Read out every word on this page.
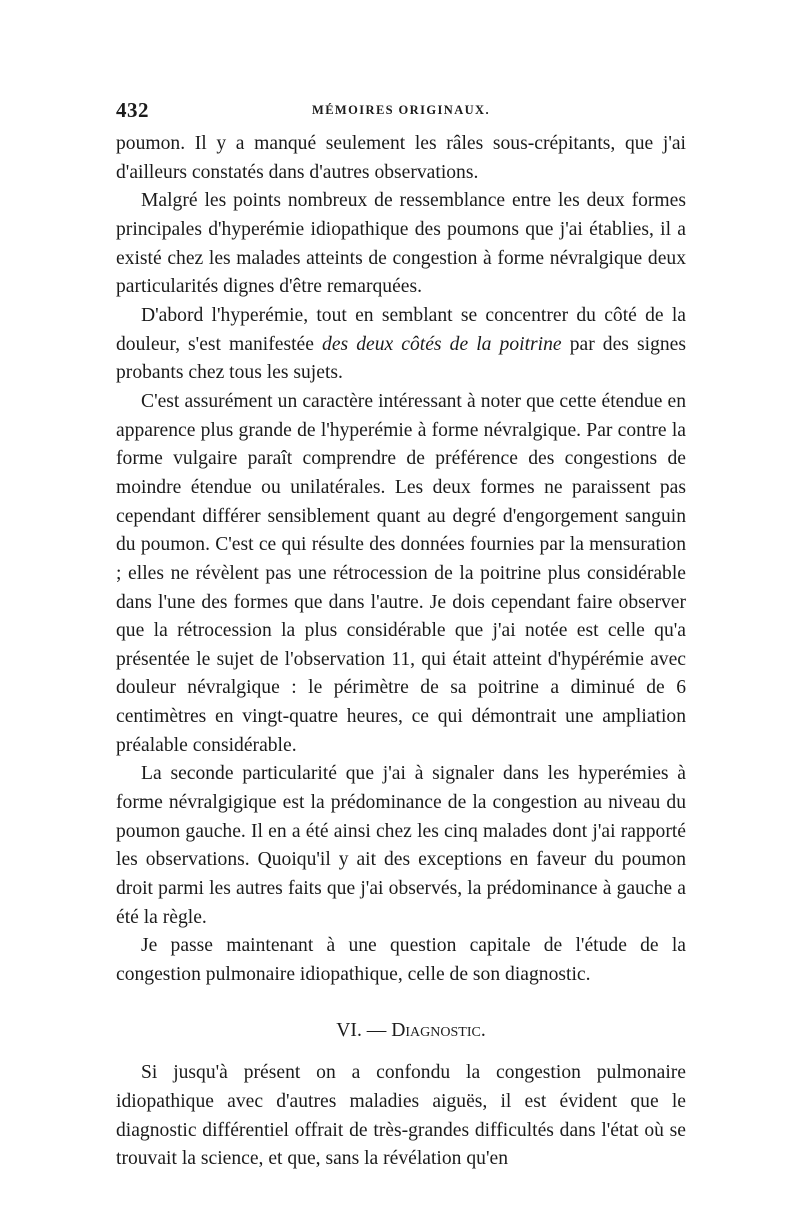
432	MÉMOIRES ORIGINAUX.

poumon. Il y a manqué seulement les râles sous-crépitants, que j'ai d'ailleurs constatés dans d'autres observations.

Malgré les points nombreux de ressemblance entre les deux formes principales d'hyperémie idiopathique des poumons que j'ai établies, il a existé chez les malades atteints de congestion à forme névralgique deux particularités dignes d'être remarquées.

D'abord l'hyperémie, tout en semblant se concentrer du côté de la douleur, s'est manifestée des deux côtés de la poitrine par des signes probants chez tous les sujets.

C'est assurément un caractère intéressant à noter que cette étendue en apparence plus grande de l'hyperémie à forme névralgique. Par contre la forme vulgaire paraît comprendre de préférence des congestions de moindre étendue ou unilatérales. Les deux formes ne paraissent pas cependant différer sensiblement quant au degré d'engorgement sanguin du poumon. C'est ce qui résulte des données fournies par la mensuration ; elles ne révèlent pas une rétrocession de la poitrine plus considérable dans l'une des formes que dans l'autre. Je dois cependant faire observer que la rétrocession la plus considérable que j'ai notée est celle qu'a présentée le sujet de l'observation 11, qui était atteint d'hypérémie avec douleur névralgique : le périmètre de sa poitrine a diminué de 6 centimètres en vingt-quatre heures, ce qui démontrait une ampliation préalable considérable.

La seconde particularité que j'ai à signaler dans les hyperémies à forme névralgigique est la prédominance de la congestion au niveau du poumon gauche. Il en a été ainsi chez les cinq malades dont j'ai rapporté les observations. Quoiqu'il y ait des exceptions en faveur du poumon droit parmi les autres faits que j'ai observés, la prédominance à gauche a été la règle.

Je passe maintenant à une question capitale de l'étude de la congestion pulmonaire idiopathique, celle de son diagnostic.

VI. — Diagnostic.

Si jusqu'à présent on a confondu la congestion pulmonaire idiopathique avec d'autres maladies aiguës, il est évident que le diagnostic différentiel offrait de très-grandes difficultés dans l'état où se trouvait la science, et que, sans la révélation qu'en
